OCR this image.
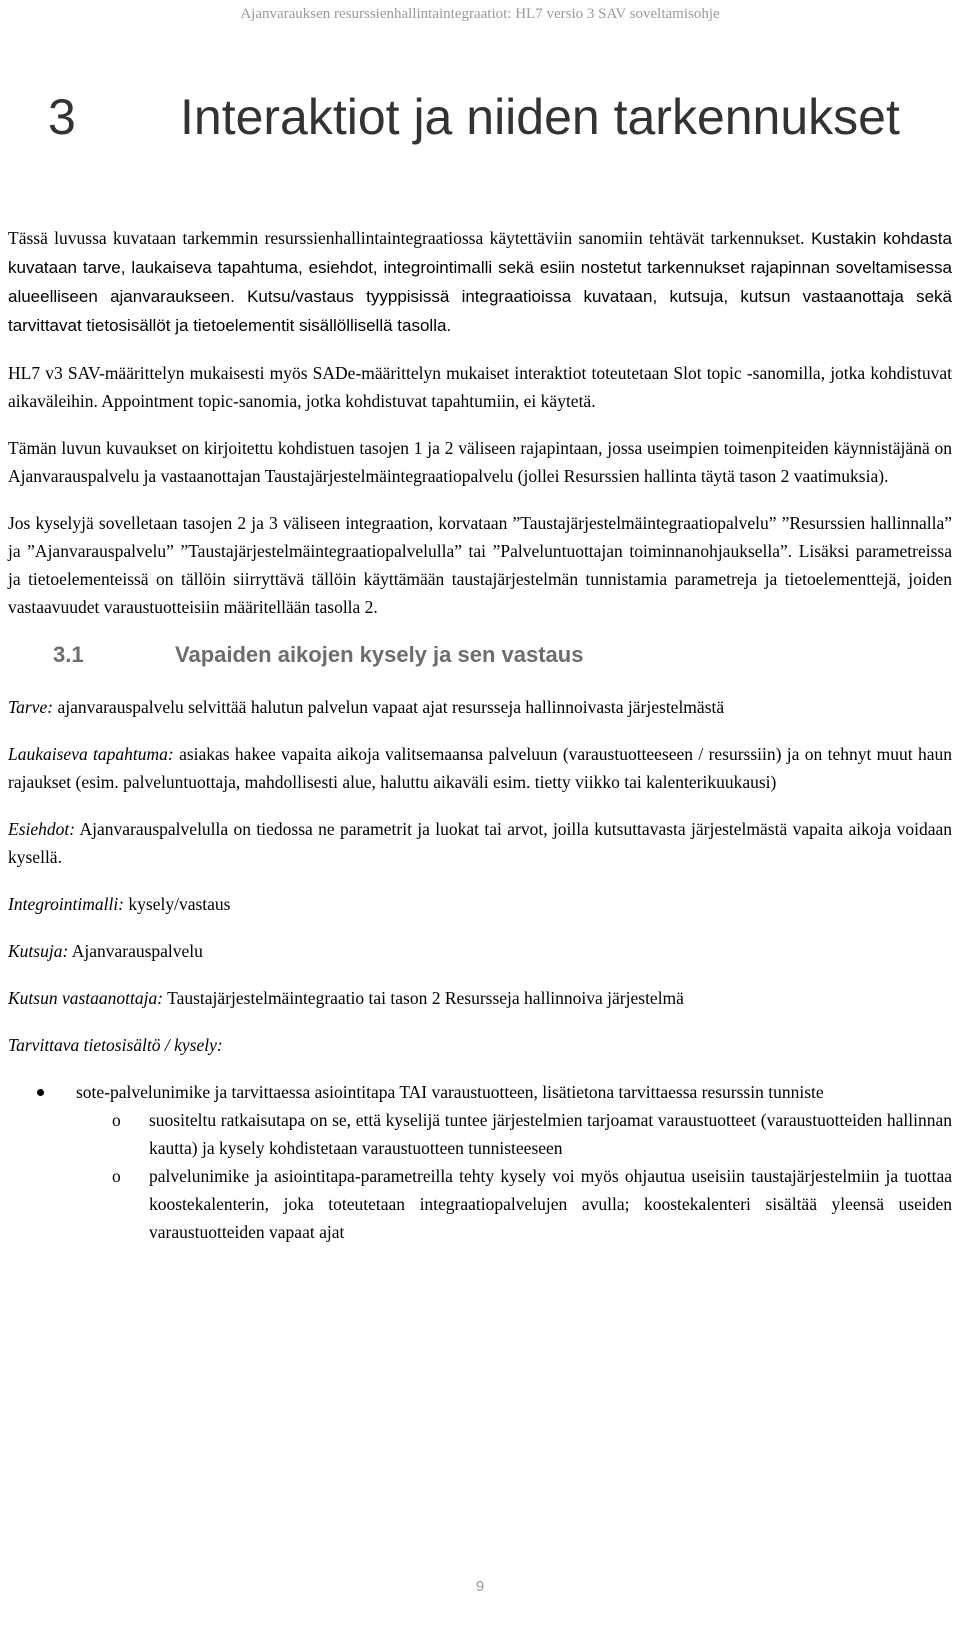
Ajanvarauksen resurssienhallintaintegraatiot: HL7 versio 3 SAV soveltamisohje
3 Interaktiot ja niiden tarkennukset

Tässä luvussa kuvataan tarkemmin resurssienhallintaintegraatiossa käytettäviin sanomiin tehtävät tarkennukset. Kustakin kohdasta kuvataan tarve, laukaiseva tapahtuma, esiehdot, integrointimalli sekä esiin nostetut tarkennukset rajapinnan soveltamisessa alueelliseen ajanvaraukseen. Kutsu/vastaus tyyppisissä integraatioissa kuvataan, kutsuja, kutsun vastaanottaja sekä tarvittavat tietosisällöt ja tietoelementit sisällöllisellä tasolla.

HL7 v3 SAV-määrittelyn mukaisesti myös SADe-määrittelyn mukaiset interaktiot toteutetaan Slot topic -sanomilla, jotka kohdistuvat aikaväleihin. Appointment topic-sanomia, jotka kohdistuvat tapahtumiin, ei käytetä.

Tämän luvun kuvaukset on kirjoitettu kohdistuen tasojen 1 ja 2 väliseen rajapintaan, jossa useimpien toimenpiteiden käynnistäjänä on Ajanvarauspalvelu ja vastaanottajan Taustajärjestelmäintegraatiopalvelu (jollei Resurssien hallinta täytä tason 2 vaatimuksia).

Jos kyselyjä sovelletaan tasojen 2 ja 3 väliseen integraation, korvataan ”Taustajärjestelmäintegraatiopalvelu” ”Resurssien hallinnalla” ja ”Ajanvarauspalvelu” ”Taustajärjestelmäintegraatiopalvelulla” tai ”Palveluntuottajan toiminnanohjauksella”. Lisäksi parametreissa ja tietoelementeissä on tällöin siirryttävä tällöin käyttämään taustajärjestelmän tunnistamia parametreja ja tietoelementtejä, joiden vastaavuudet varaustuotteisiin määritellään tasolla 2.

3.1	Vapaiden aikojen kysely ja sen vastaus

Tarve: ajanvarauspalvelu selvittää halutun palvelun vapaat ajat resursseja hallinnoivasta järjestelmästä

Laukaiseva tapahtuma: asiakas hakee vapaita aikoja valitsemaansa palveluun (varaustuotteeseen / resurssiin) ja on tehnyt muut haun rajaukset (esim. palveluntuottaja, mahdollisesti alue, haluttu aikaväli esim. tietty viikko tai kalenterikuukausi)

Esiehdot: Ajanvarauspalvelulla on tiedossa ne parametrit ja luokat tai arvot, joilla kutsuttavasta järjestelmästä vapaita aikoja voidaan kysellä.

Integrointimalli: kysely/vastaus

Kutsuja: Ajanvarauspalvelu

Kutsun vastaanottaja: Taustajärjestelmäintegraatio tai tason 2 Resursseja hallinnoiva järjestelmä

Tarvittava tietosisältö / kysely:

sote-palvelunimike ja tarvittaessa asiointitapa TAI varaustuotteen, lisätietona tarvittaessa resurssin tunniste
o suositeltu ratkaisutapa on se, että kyselijä tuntee järjestelmien tarjoamat varaustuotteet (varaustuotteiden hallinnan kautta) ja kysely kohdistetaan varaustuotteen tunnisteeseen
o palvelunimike ja asiointitapa-parametreilla tehty kysely voi myös ohjautua useisiin taustajärjestelmiin ja tuottaa koostekalenterin, joka toteutetaan integraatiopalvelujen avulla; koostekalenteri sisältää yleensä useiden varaustuotteiden vapaat ajat
9
